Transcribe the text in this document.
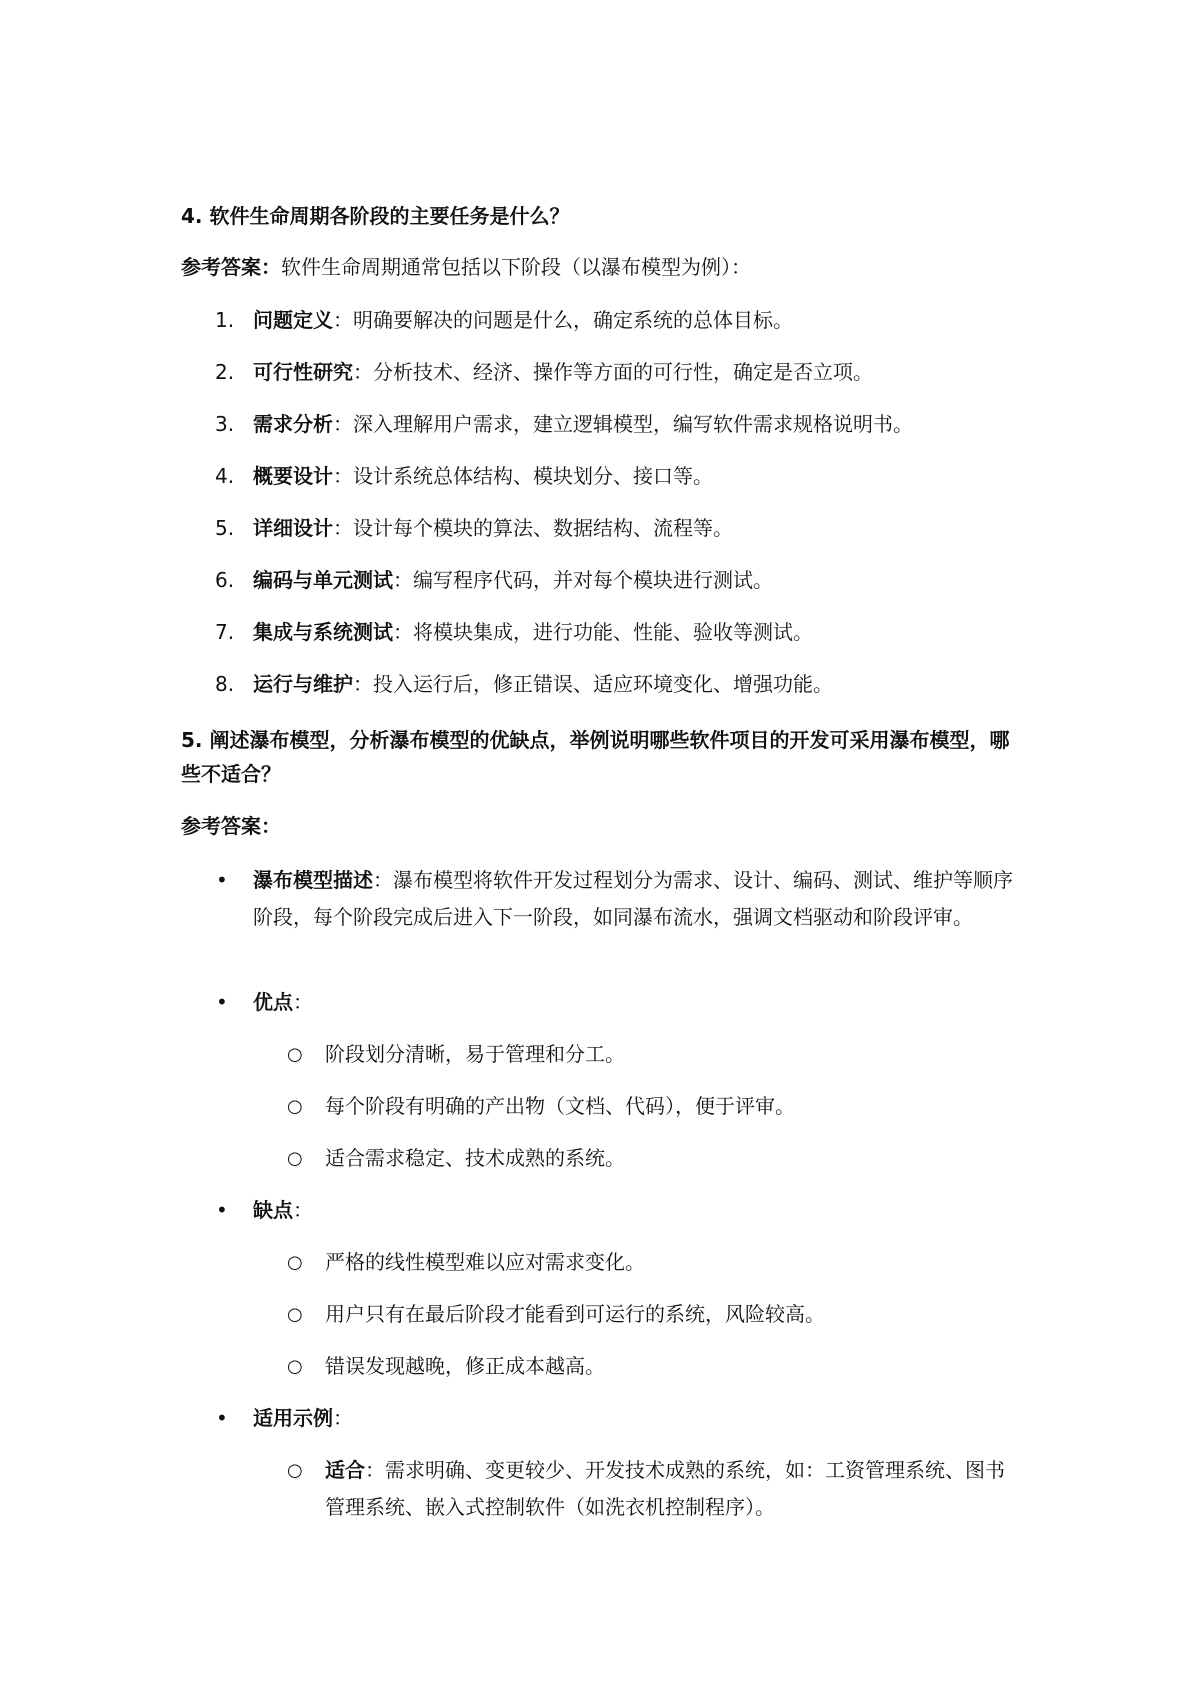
4. 软件生命周期各阶段的主要任务是什么？

参考答案：软件生命周期通常包括以下阶段（以瀑布模型为例）：

1. 问题定义：明确要解决的问题是什么，确定系统的总体目标。

2. 可行性研究：分析技术、经济、操作等方面的可行性，确定是否立项。

3. 需求分析：深入理解用户需求，建立逻辑模型，编写软件需求规格说明书。

4. 概要设计：设计系统总体结构、模块划分、接口等。

5. 详细设计：设计每个模块的算法、数据结构、流程等。

6. 编码与单元测试：编写程序代码，并对每个模块进行测试。

7. 集成与系统测试：将模块集成，进行功能、性能、验收等测试。

8. 运行与维护：投入运行后，修正错误、适应环境变化、增强功能。

5. 阐述瀑布模型，分析瀑布模型的优缺点，举例说明哪些软件项目的开发可采用瀑布模型，哪些不适合？

参考答案：

• 瀑布模型描述：瀑布模型将软件开发过程划分为需求、设计、编码、测试、维护等顺序阶段，每个阶段完成后进入下一阶段，如同瀑布流水，强调文档驱动和阶段评审。

• 优点：

○ 阶段划分清晰，易于管理和分工。

○ 每个阶段有明确的产出物（文档、代码），便于评审。

○ 适合需求稳定、技术成熟的系统。

• 缺点：

○ 严格的线性模型难以应对需求变化。

○ 用户只有在最后阶段才能看到可运行的系统，风险较高。

○ 错误发现越晚，修正成本越高。

• 适用示例：

○ 适合：需求明确、变更较少、开发技术成熟的系统，如：工资管理系统、图书管理系统、嵌入式控制软件（如洗衣机控制程序）。
